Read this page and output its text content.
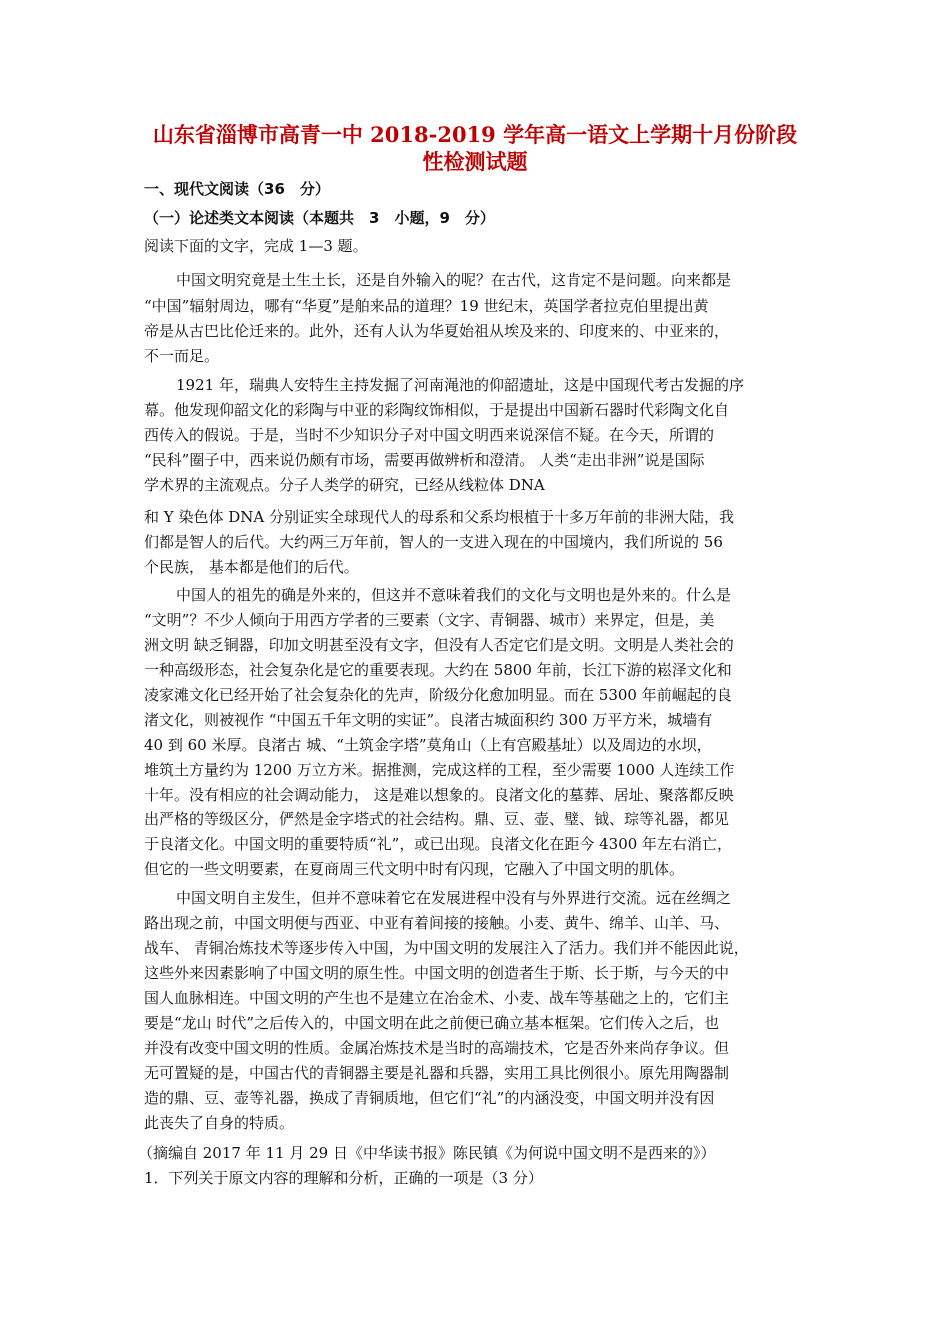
山东省淄博市高青一中 2018-2019 学年高一语文上学期十月份阶段
性检测试题
一、现代文阅读（36　分）
（一）论述类文本阅读（本题共　3　小题，9　分）
阅读下面的文字，完成 1—3 题。
中国文明究竟是土生土长，还是自外输入的呢？在古代，这肯定不是问题。向来都是
“中国”辐射周边，哪有“华夏”是舶来品的道理？19 世纪末，英国学者拉克伯里提出黄
帝是从古巴比伦迁来的。此外，还有人认为华夏始祖从埃及来的、印度来的、中亚来的，
不一而足。
1921 年，瑞典人安特生主持发掘了河南渑池的仰韶遗址，这是中国现代考古发掘的序
幕。他发现仰韶文化的彩陶与中亚的彩陶纹饰相似，于是提出中国新石器时代彩陶文化自
西传入的假说。于是，当时不少知识分子对中国文明西来说深信不疑。在今天，所谓的
“民科”圈子中，西来说仍颇有市场，需要再做辨析和澄清。 人类“走出非洲”说是国际
学术界的主流观点。分子人类学的研究，已经从线粒体 DNA
和 Y 染色体 DNA 分别证实全球现代人的母系和父系均根植于十多万年前的非洲大陆，我
们都是智人的后代。大约两三万年前，智人的一支进入现在的中国境内，我们所说的 56
个民族， 基本都是他们的后代。
中国人的祖先的确是外来的，但这并不意味着我们的文化与文明也是外来的。什么是
“文明”？不少人倾向于用西方学者的三要素（文字、青铜器、城市）来界定，但是，美
洲文明 缺乏铜器，印加文明甚至没有文字，但没有人否定它们是文明。文明是人类社会的
一种高级形态，社会复杂化是它的重要表现。大约在 5800 年前，长江下游的崧泽文化和
凌家滩文化已经开始了社会复杂化的先声，阶级分化愈加明显。而在 5300 年前崛起的良
渚文化，则被视作 “中国五千年文明的实证”。良渚古城面积约 300 万平方米，城墙有
40 到 60 米厚。良渚古 城、“土筑金字塔”莫角山（上有宫殿基址）以及周边的水坝，
堆筑土方量约为 1200 万立方米。据推测，完成这样的工程，至少需要 1000 人连续工作
十年。没有相应的社会调动能力， 这是难以想象的。良渚文化的墓葬、居址、聚落都反映
出严格的等级区分，俨然是金字塔式的社会结构。鼎、豆、壶、璧、钺、琮等礼器，都见
于良渚文化。中国文明的重要特质“礼”，或已出现。良渚文化在距今 4300 年左右消亡，
但它的一些文明要素，在夏商周三代文明中时有闪现，它融入了中国文明的肌体。
中国文明自主发生，但并不意味着它在发展进程中没有与外界进行交流。远在丝绸之
路出现之前，中国文明便与西亚、中亚有着间接的接触。小麦、黄牛、绵羊、山羊、马、
战车、 青铜冶炼技术等逐步传入中国，为中国文明的发展注入了活力。我们并不能因此说，
这些外来因素影响了中国文明的原生性。中国文明的创造者生于斯、长于斯，与今天的中
国人血脉相连。中国文明的产生也不是建立在冶金术、小麦、战车等基础之上的，它们主
要是“龙山 时代”之后传入的，中国文明在此之前便已确立基本框架。它们传入之后，也
并没有改变中国文明的性质。金属冶炼技术是当时的高端技术，它是否外来尚存争议。但
无可置疑的是，中国古代的青铜器主要是礼器和兵器，实用工具比例很小。原先用陶器制
造的鼎、豆、壶等礼器，换成了青铜质地，但它们“礼”的内涵没变，中国文明并没有因
此丧失了自身的特质。
（摘编自 2017 年 11 月 29 日《中华读书报》陈民镇《为何说中国文明不是西来的》）
1．下列关于原文内容的理解和分析，正确的一项是（3 分）
